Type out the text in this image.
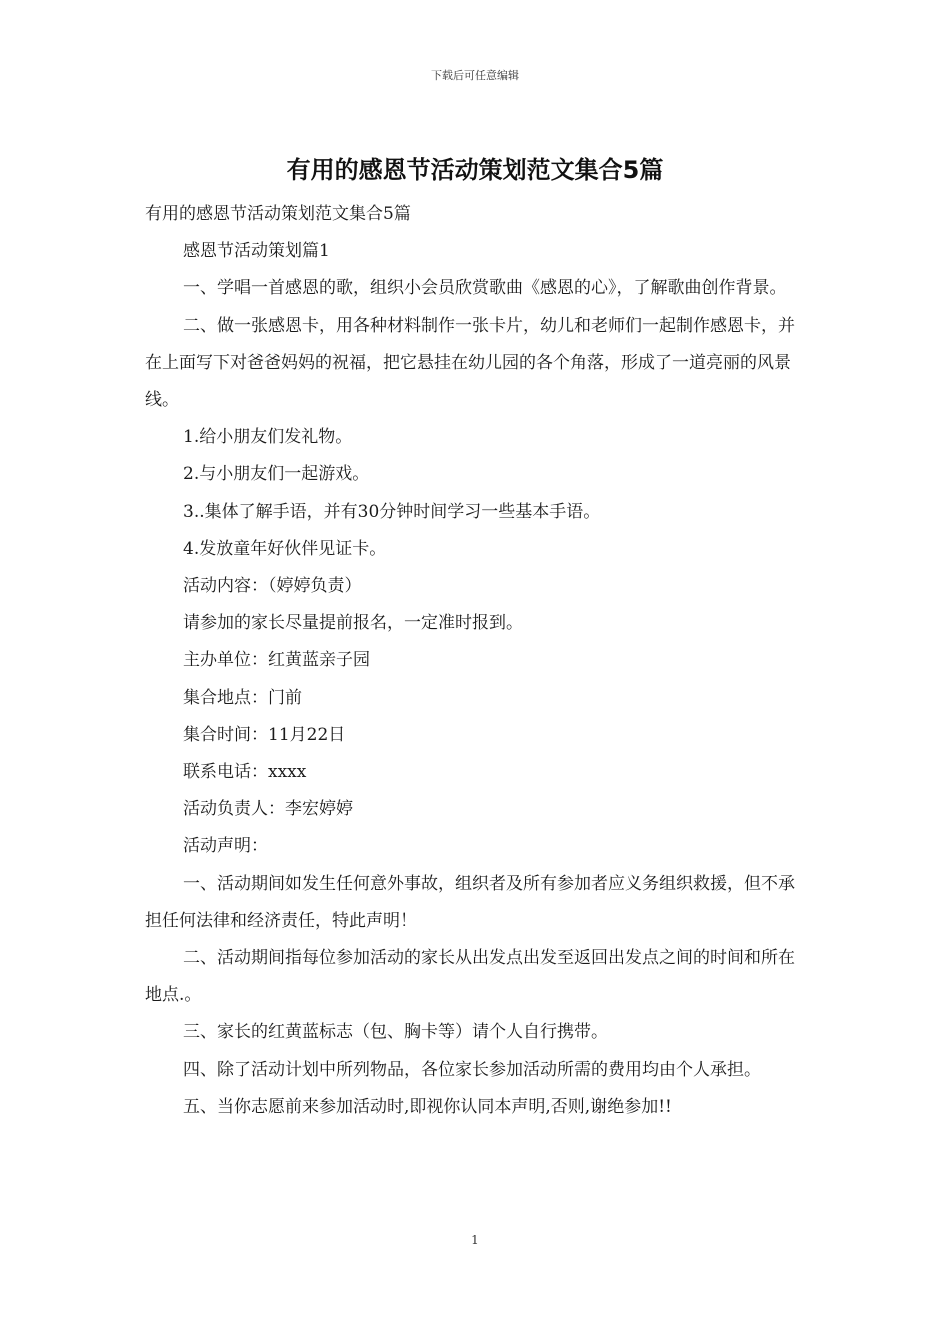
下载后可任意编辑
有用的感恩节活动策划范文集合5篇

有用的感恩节活动策划范文集合5篇

感恩节活动策划篇1

一、学唱一首感恩的歌，组织小会员欣赏歌曲《感恩的心》，了解歌曲创作背景。

二、做一张感恩卡，用各种材料制作一张卡片，幼儿和老师们一起制作感恩卡，并在上面写下对爸爸妈妈的祝福，把它悬挂在幼儿园的各个角落，形成了一道亮丽的风景线。

1.给小朋友们发礼物。

2.与小朋友们一起游戏。

3..集体了解手语，并有30分钟时间学习一些基本手语。

4.发放童年好伙伴见证卡。

活动内容：（婷婷负责）

请参加的家长尽量提前报名，一定准时报到。

主办单位：红黄蓝亲子园

集合地点：门前

集合时间：11月22日

联系电话：xxxx

活动负责人：李宏婷婷

活动声明：

一、活动期间如发生任何意外事故，组织者及所有参加者应义务组织救援，但不承担任何法律和经济责任，特此声明！

二、活动期间指每位参加活动的家长从出发点出发至返回出发点之间的时间和所在地点.。

三、家长的红黄蓝标志（包、胸卡等）请个人自行携带。

四、除了活动计划中所列物品，各位家长参加活动所需的费用均由个人承担。

五、当你志愿前来参加活动时,即视你认同本声明,否则,谢绝参加!!

1
